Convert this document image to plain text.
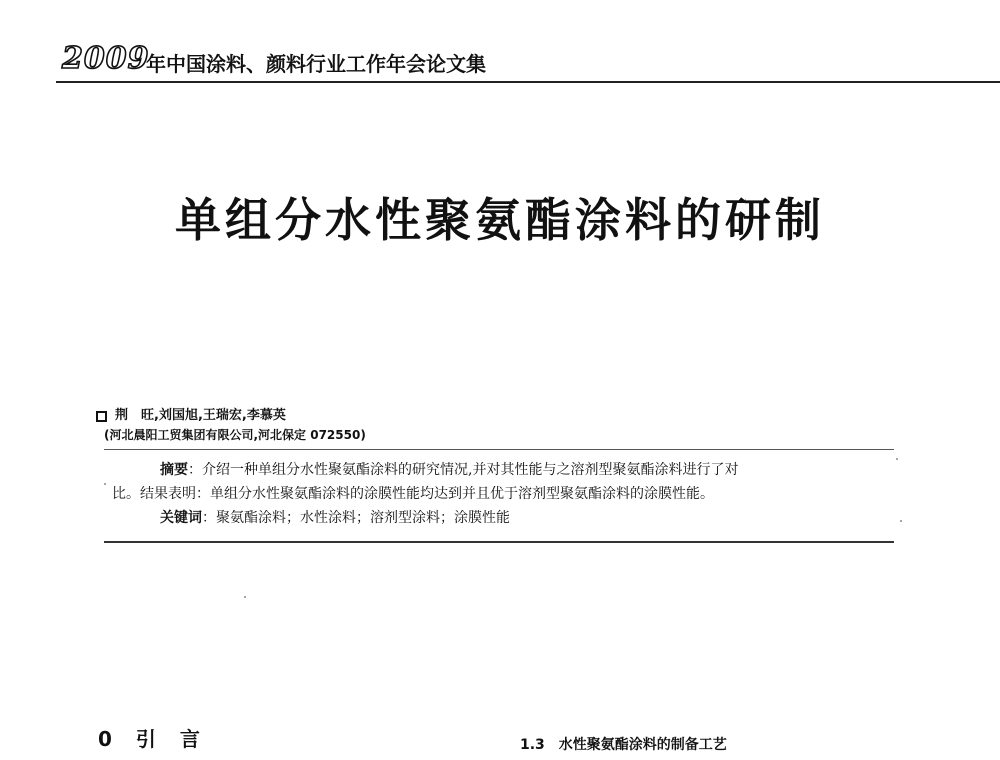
2009
年中国涂料、颜料行业工作年会论文集
单组分水性聚氨酯涂料的研制
荆　旺,刘国旭,王瑞宏,李慕英
(河北晨阳工贸集团有限公司,河北保定 072550)
摘要：介绍一种单组分水性聚氨酯涂料的研究情况,并对其性能与之溶剂型聚氨酯涂料进行了对
比。结果表明：单组分水性聚氨酯涂料的涂膜性能均达到并且优于溶剂型聚氨酯涂料的涂膜性能。
关键词：聚氨酯涂料；水性涂料；溶剂型涂料；涂膜性能
0　引　言	1.3　水性聚氨酯涂料的制备工艺
